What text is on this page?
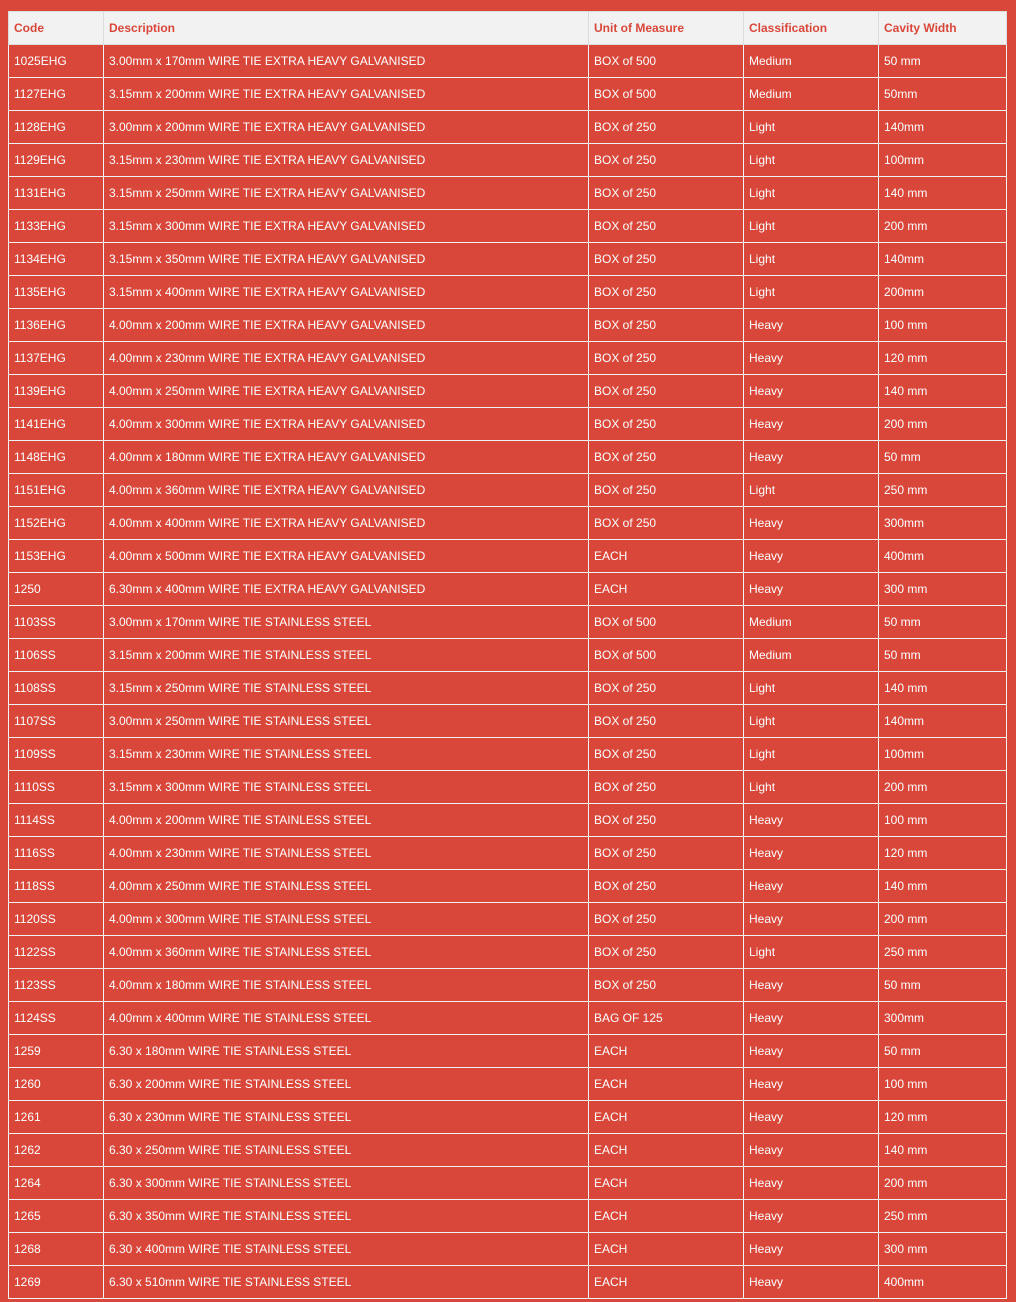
Code	Description	Unit of Measure	Classification	Cavity Width
1025EHG	3.00mm x 170mm WIRE TIE EXTRA HEAVY GALVANISED	BOX of 500	Medium	50 mm
1127EHG	3.15mm x 200mm WIRE TIE EXTRA HEAVY GALVANISED	BOX of 500	Medium	50mm
1128EHG	3.00mm x 200mm WIRE TIE EXTRA HEAVY GALVANISED	BOX of 250	Light	140mm
1129EHG	3.15mm x 230mm WIRE TIE EXTRA HEAVY GALVANISED	BOX of 250	Light	100mm
1131EHG	3.15mm x 250mm WIRE TIE EXTRA HEAVY GALVANISED	BOX of 250	Light	140 mm
1133EHG	3.15mm x 300mm WIRE TIE EXTRA HEAVY GALVANISED	BOX of 250	Light	200 mm
1134EHG	3.15mm x 350mm WIRE TIE EXTRA HEAVY GALVANISED	BOX of 250	Light	140mm
1135EHG	3.15mm x 400mm WIRE TIE EXTRA HEAVY GALVANISED	BOX of 250	Light	200mm
1136EHG	4.00mm x 200mm WIRE TIE EXTRA HEAVY GALVANISED	BOX of 250	Heavy	100 mm
1137EHG	4.00mm x 230mm WIRE TIE EXTRA HEAVY GALVANISED	BOX of 250	Heavy	120 mm
1139EHG	4.00mm x 250mm WIRE TIE EXTRA HEAVY GALVANISED	BOX of 250	Heavy	140 mm
1141EHG	4.00mm x 300mm WIRE TIE EXTRA HEAVY GALVANISED	BOX of 250	Heavy	200 mm
1148EHG	4.00mm x 180mm WIRE TIE EXTRA HEAVY GALVANISED	BOX of 250	Heavy	50 mm
1151EHG	4.00mm x 360mm WIRE TIE EXTRA HEAVY GALVANISED	BOX of 250	Light	250 mm
1152EHG	4.00mm x 400mm WIRE TIE EXTRA HEAVY GALVANISED	BOX of 250	Heavy	300mm
1153EHG	4.00mm x 500mm WIRE TIE EXTRA HEAVY GALVANISED	EACH	Heavy	400mm
1250	6.30mm x 400mm WIRE TIE EXTRA HEAVY GALVANISED	EACH	Heavy	300 mm
1103SS	3.00mm x 170mm WIRE TIE STAINLESS STEEL	BOX of 500	Medium	50 mm
1106SS	3.15mm x 200mm WIRE TIE STAINLESS STEEL	BOX of 500	Medium	50 mm
1108SS	3.15mm x 250mm WIRE TIE STAINLESS STEEL	BOX of 250	Light	140 mm
1107SS	3.00mm x 250mm WIRE TIE STAINLESS STEEL	BOX of 250	Light	140mm
1109SS	3.15mm x 230mm WIRE TIE STAINLESS STEEL	BOX of 250	Light	100mm
1110SS	3.15mm x 300mm WIRE TIE STAINLESS STEEL	BOX of 250	Light	200 mm
1114SS	4.00mm x 200mm WIRE TIE STAINLESS STEEL	BOX of 250	Heavy	100 mm
1116SS	4.00mm x 230mm WIRE TIE STAINLESS STEEL	BOX of 250	Heavy	120 mm
1118SS	4.00mm x 250mm WIRE TIE STAINLESS STEEL	BOX of 250	Heavy	140 mm
1120SS	4.00mm x 300mm WIRE TIE STAINLESS STEEL	BOX of 250	Heavy	200 mm
1122SS	4.00mm x 360mm WIRE TIE STAINLESS STEEL	BOX of 250	Light	250 mm
1123SS	4.00mm x 180mm WIRE TIE STAINLESS STEEL	BOX of 250	Heavy	50 mm
1124SS	4.00mm x 400mm WIRE TIE STAINLESS STEEL	BAG OF 125	Heavy	300mm
1259	6.30 x 180mm WIRE TIE STAINLESS STEEL	EACH	Heavy	50 mm
1260	6.30 x 200mm WIRE TIE STAINLESS STEEL	EACH	Heavy	100 mm
1261	6.30 x 230mm WIRE TIE STAINLESS STEEL	EACH	Heavy	120 mm
1262	6.30 x 250mm WIRE TIE STAINLESS STEEL	EACH	Heavy	140 mm
1264	6.30 x 300mm WIRE TIE STAINLESS STEEL	EACH	Heavy	200 mm
1265	6.30 x 350mm WIRE TIE STAINLESS STEEL	EACH	Heavy	250 mm
1268	6.30 x 400mm WIRE TIE STAINLESS STEEL	EACH	Heavy	300 mm
1269	6.30 x 510mm WIRE TIE STAINLESS STEEL	EACH	Heavy	400mm
